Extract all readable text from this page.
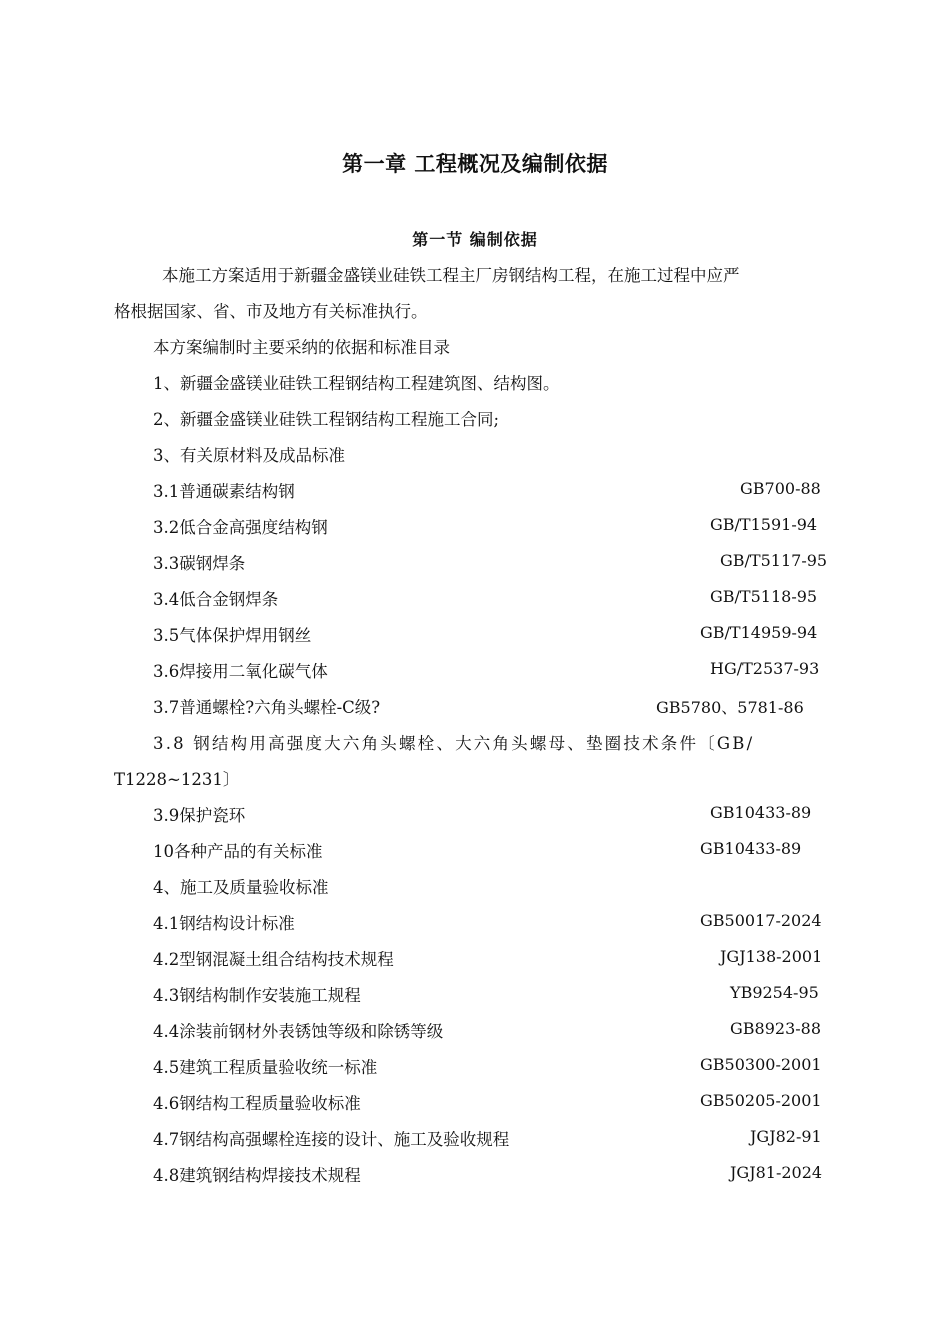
第一章 工程概况及编制依据
第一节 编制依据
本施工方案适用于新疆金盛镁业硅铁工程主厂房钢结构工程，在施工过程中应严
格根据国家、省、市及地方有关标准执行。
本方案编制时主要采纳的依据和标准目录
1、新疆金盛镁业硅铁工程钢结构工程建筑图、结构图。
2、新疆金盛镁业硅铁工程钢结构工程施工合同;
3、有关原材料及成品标准
3.1普通碳素结构钢	GB700-88
3.2低合金高强度结构钢	GB/T1591-94
3.3碳钢焊条	GB/T5117-95
3.4低合金钢焊条	GB/T5118-95
3.5气体保护焊用钢丝	GB/T14959-94
3.6焊接用二氧化碳气体	HG/T2537-93
3.7普通螺栓?六角头螺栓-C级?	GB5780、5781-86
3.8 钢结构用高强度大六角头螺栓、大六角头螺母、垫圈技术条件〔GB/
T1228~1231〕
3.9保护瓷环	GB10433-89
10各种产品的有关标准	GB10433-89
4、施工及质量验收标准
4.1钢结构设计标准	GB50017-2024
4.2型钢混凝土组合结构技术规程	JGJ138-2001
4.3钢结构制作安装施工规程	YB9254-95
4.4涂装前钢材外表锈蚀等级和除锈等级	GB8923-88
4.5建筑工程质量验收统一标准	GB50300-2001
4.6钢结构工程质量验收标准	GB50205-2001
4.7钢结构高强螺栓连接的设计、施工及验收规程	JGJ82-91
4.8建筑钢结构焊接技术规程	JGJ81-2024
